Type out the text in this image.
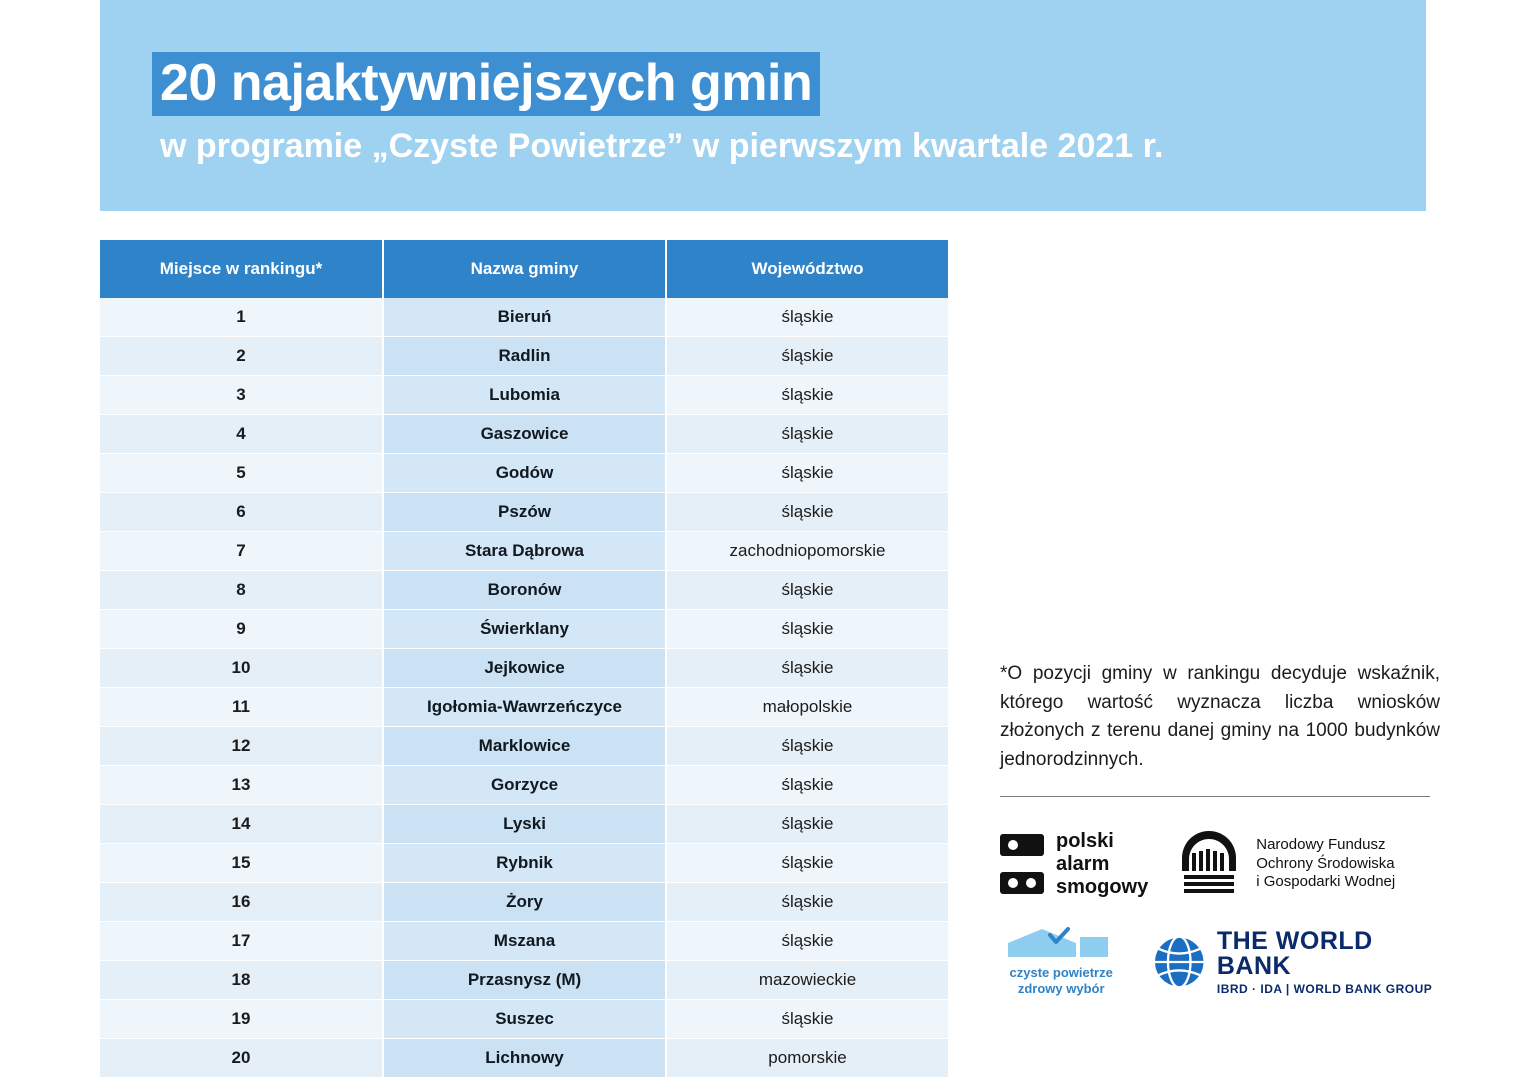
20 najaktywniejszych gmin
w programie „Czyste Powietrze” w pierwszym kwartale 2021 r.
Miejsce w rankingu*	Nazwa gminy	Województwo
1	Bieruń	śląskie
2	Radlin	śląskie
3	Lubomia	śląskie
4	Gaszowice	śląskie
5	Godów	śląskie
6	Pszów	śląskie
7	Stara Dąbrowa	zachodniopomorskie
8	Boronów	śląskie
9	Świerklany	śląskie
10	Jejkowice	śląskie
11	Igołomia-Wawrzeńczyce	małopolskie
12	Marklowice	śląskie
13	Gorzyce	śląskie
14	Lyski	śląskie
15	Rybnik	śląskie
16	Żory	śląskie
17	Mszana	śląskie
18	Przasnysz (M)	mazowieckie
19	Suszec	śląskie
20	Lichnowy	pomorskie
*O pozycji gminy w rankingu decyduje wskaźnik, którego wartość wyznacza liczba wniosków złożonych z terenu danej gminy na 1000 budynków jednorodzinnych.
polski
alarm
smogowy
Narodowy Fundusz
Ochrony Środowiska
i Gospodarki Wodnej
czyste powietrze
zdrowy wybór
THE WORLD BANK
IBRD · IDA | WORLD BANK GROUP
